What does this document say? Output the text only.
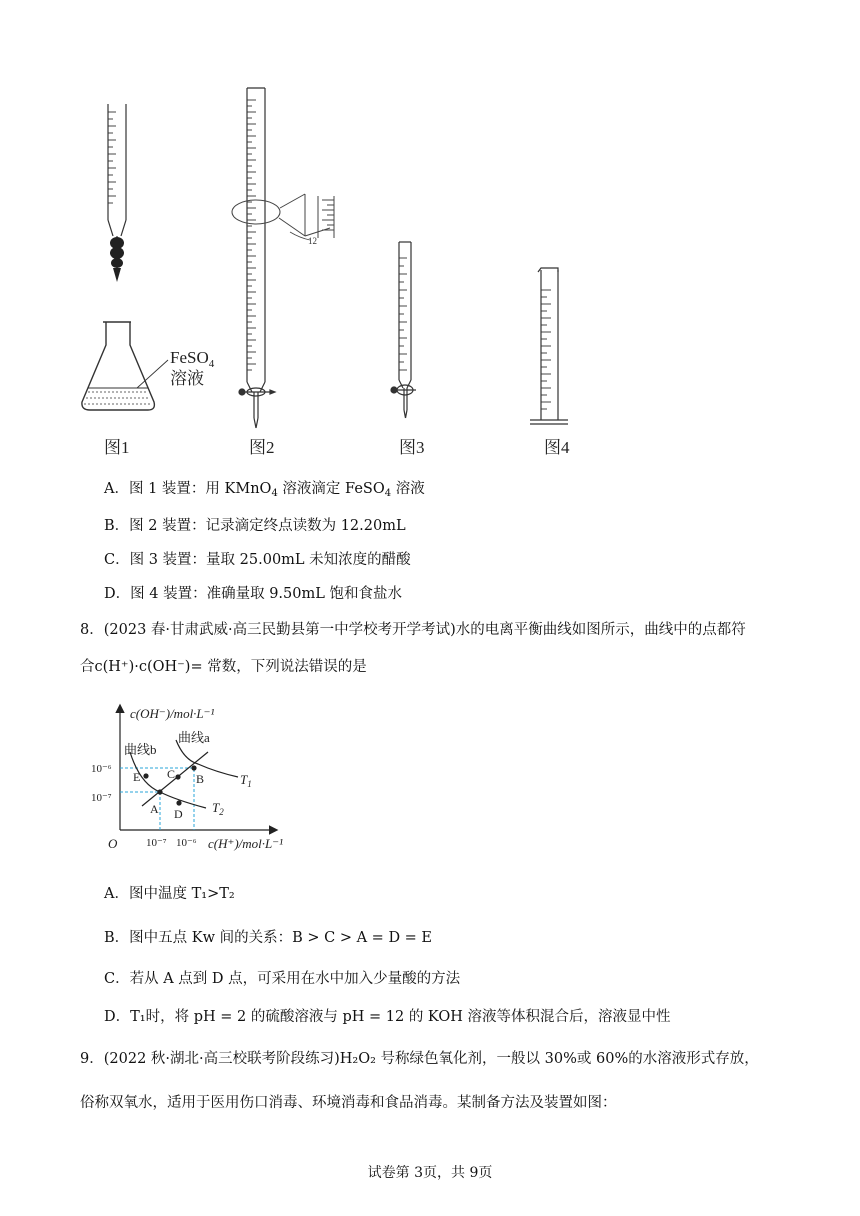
FeSO$_4$
溶液
12
图1	图2	图3	图4
A．图 1 装置：用 KMnO$_4$ 溶液滴定 FeSO$_4$ 溶液
B．图 2 装置：记录滴定终点读数为 12.20mL
C．图 3 装置：量取 25.00mL 未知浓度的醋酸
D．图 4 装置：准确量取 9.50mL 饱和食盐水
8．(2023 春·甘肃武威·高三民勤县第一中学校考开学考试)水的电离平衡曲线如图所示，曲线中的点都符
合c(H⁺)·c(OH⁻)= 常数，下列说法错误的是
c(OH⁻)/mol·L⁻¹
c(H⁺)/mol·L⁻¹
O	10⁻⁷ 10⁻⁶
10⁻⁶
10⁻⁷
E
A
C B
D
曲线b
曲线a
$T_1$
$T_2$
A．图中温度 T₁>T₂
B．图中五点 Kw 间的关系：B > C > A = D = E
C．若从 A 点到 D 点，可采用在水中加入少量酸的方法
D．T₁时，将 pH = 2 的硫酸溶液与 pH = 12 的 KOH 溶液等体积混合后，溶液显中性
9．(2022 秋·湖北·高三校联考阶段练习)H₂O₂ 号称绿色氧化剂，一般以 30%或 60%的水溶液形式存放，
俗称双氧水，适用于医用伤口消毒、环境消毒和食品消毒。某制备方法及装置如图：
试卷第 3页，共 9页
